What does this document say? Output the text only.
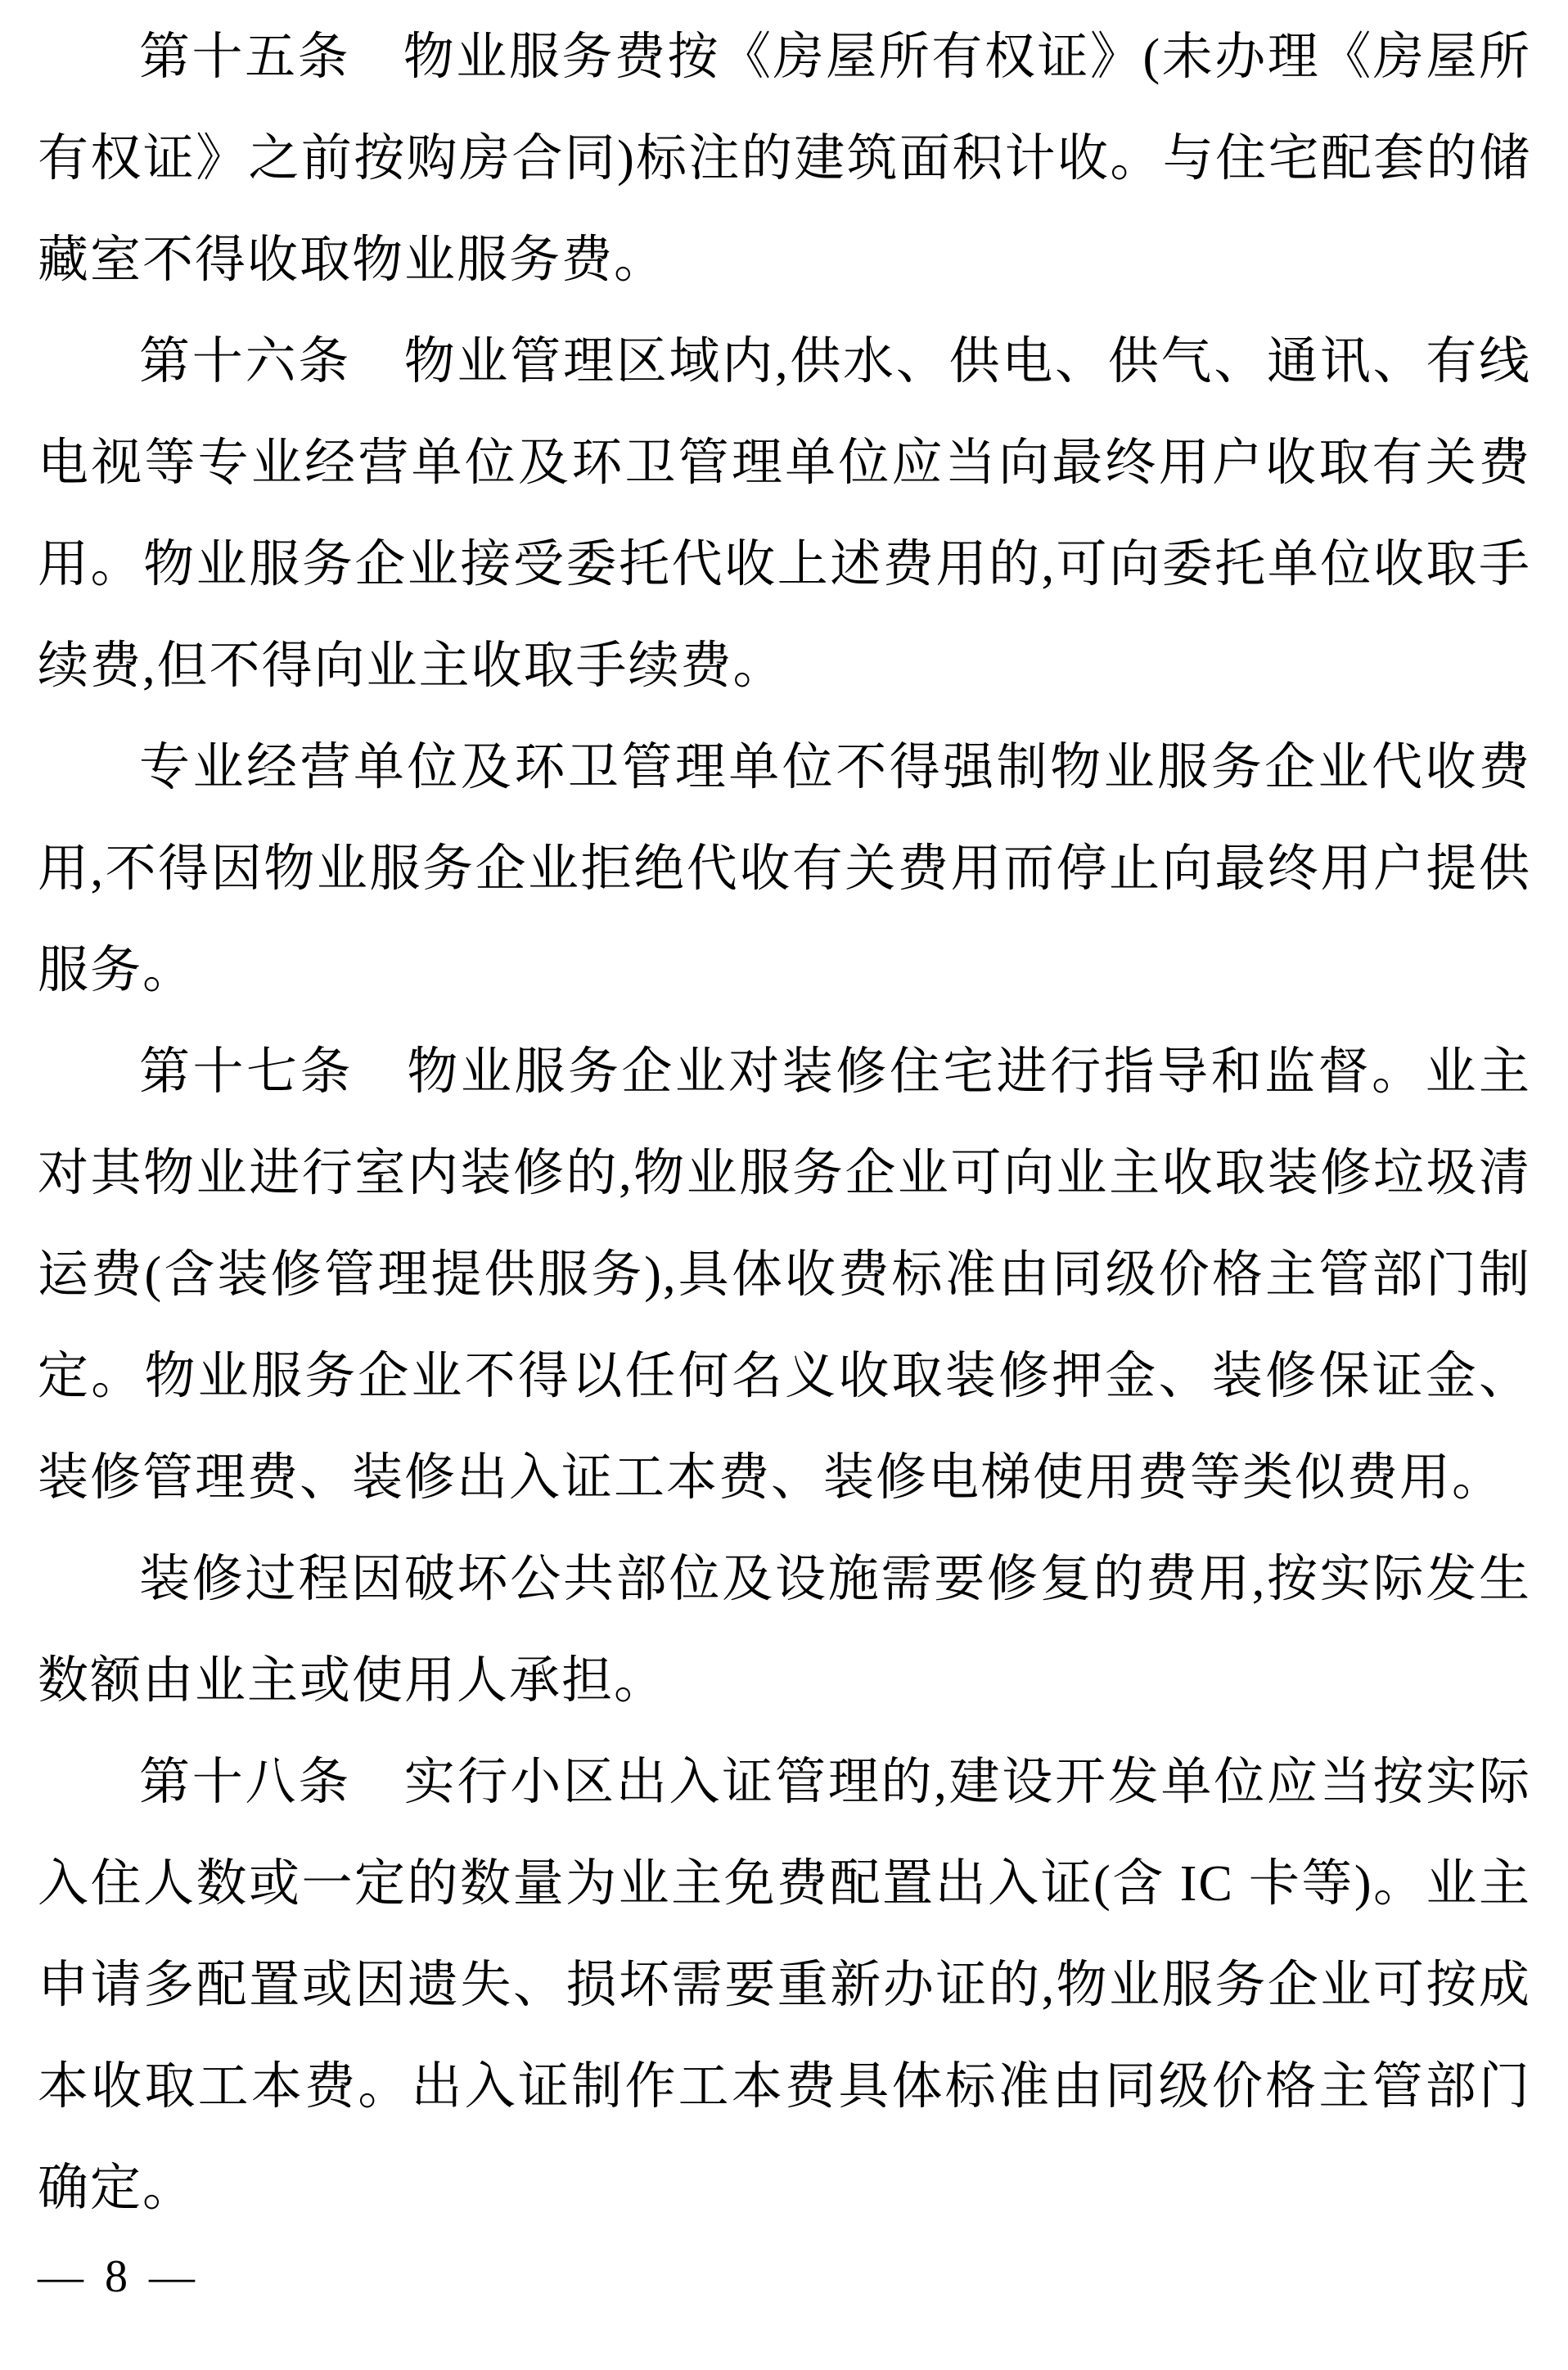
第十五条　物业服务费按《房屋所有权证》(未办理《房屋所有权证》之前按购房合同)标注的建筑面积计收。与住宅配套的储藏室不得收取物业服务费。

第十六条　物业管理区域内,供水、供电、供气、通讯、有线电视等专业经营单位及环卫管理单位应当向最终用户收取有关费用。物业服务企业接受委托代收上述费用的,可向委托单位收取手续费,但不得向业主收取手续费。

专业经营单位及环卫管理单位不得强制物业服务企业代收费用,不得因物业服务企业拒绝代收有关费用而停止向最终用户提供服务。

第十七条　物业服务企业对装修住宅进行指导和监督。业主对其物业进行室内装修的,物业服务企业可向业主收取装修垃圾清运费(含装修管理提供服务),具体收费标准由同级价格主管部门制定。物业服务企业不得以任何名义收取装修押金、装修保证金、装修管理费、装修出入证工本费、装修电梯使用费等类似费用。

装修过程因破坏公共部位及设施需要修复的费用,按实际发生数额由业主或使用人承担。

第十八条　实行小区出入证管理的,建设开发单位应当按实际入住人数或一定的数量为业主免费配置出入证(含 IC 卡等)。业主申请多配置或因遗失、损坏需要重新办证的,物业服务企业可按成本收取工本费。出入证制作工本费具体标准由同级价格主管部门确定。

— 8 —
